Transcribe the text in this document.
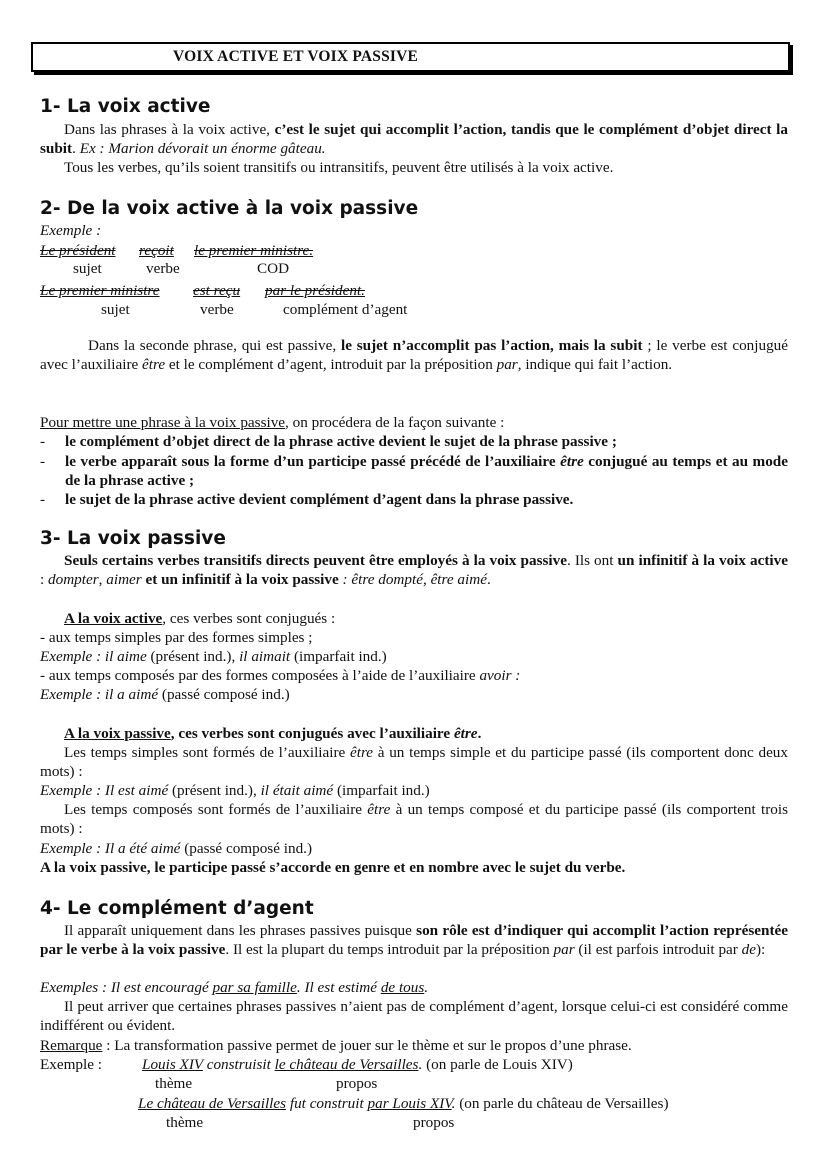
VOIX ACTIVE ET VOIX PASSIVE
1- La voix active
Dans las phrases à la voix active, c’est le sujet qui accomplit l’action, tandis que le complément d’objet direct la subit. Ex : Marion dévorait un énorme gâteau.
Tous les verbes, qu’ils soient transitifs ou intransitifs, peuvent être utilisés à la voix active.
2- De la voix active à la voix passive
Exemple :
Le président reçoit le premier ministre.
sujet	verbe	COD
Le premier ministre est reçu par le président.
sujet	verbe	complément d’agent
Dans la seconde phrase, qui est passive, le sujet n’accomplit pas l’action, mais la subit ; le verbe est conjugué avec l’auxiliaire être et le complément d’agent, introduit par la préposition par, indique qui fait l’action.
Pour mettre une phrase à la voix passive, on procédera de la façon suivante :
- le complément d’objet direct de la phrase active devient le sujet de la phrase passive ;
- le verbe apparaît sous la forme d’un participe passé précédé de l’auxiliaire être conjugué au temps et au mode de la phrase active ;
- le sujet de la phrase active devient complément d’agent dans la phrase passive.
3- La voix passive
Seuls certains verbes transitifs directs peuvent être employés à la voix passive. Ils ont un infinitif à la voix active : dompter, aimer et un infinitif à la voix passive : être dompté, être aimé.
A la voix active, ces verbes sont conjugués :
- aux temps simples par des formes simples ;
Exemple : il aime (présent ind.), il aimait (imparfait ind.)
- aux temps composés par des formes composées à l’aide de l’auxiliaire avoir :
Exemple : il a aimé (passé composé ind.)
A la voix passive, ces verbes sont conjugués avec l’auxiliaire être.
Les temps simples sont formés de l’auxiliaire être à un temps simple et du participe passé (ils comportent donc deux mots) :
Exemple : Il est aimé (présent ind.), il était aimé (imparfait ind.)
Les temps composés sont formés de l’auxiliaire être à un temps composé et du participe passé (ils comportent trois mots) :
Exemple : Il a été aimé (passé composé ind.)
A la voix passive, le participe passé s’accorde en genre et en nombre avec le sujet du verbe.
4- Le complément d’agent
Il apparaît uniquement dans les phrases passives puisque son rôle est d’indiquer qui accomplit l’action représentée par le verbe à la voix passive. Il est la plupart du temps introduit par la préposition par (il est parfois introduit par de):
Exemples : Il est encouragé par sa famille. Il est estimé de tous.
Il peut arriver que certaines phrases passives n’aient pas de complément d’agent, lorsque celui-ci est considéré comme indifférent ou évident.
Remarque : La transformation passive permet de jouer sur le thème et sur le propos d’une phrase.
Exemple :	Louis XIV construisit le château de Versailles. (on parle de Louis XIV)
thème	propos
Le château de Versailles fut construit par Louis XIV. (on parle du château de Versailles)
thème	propos
